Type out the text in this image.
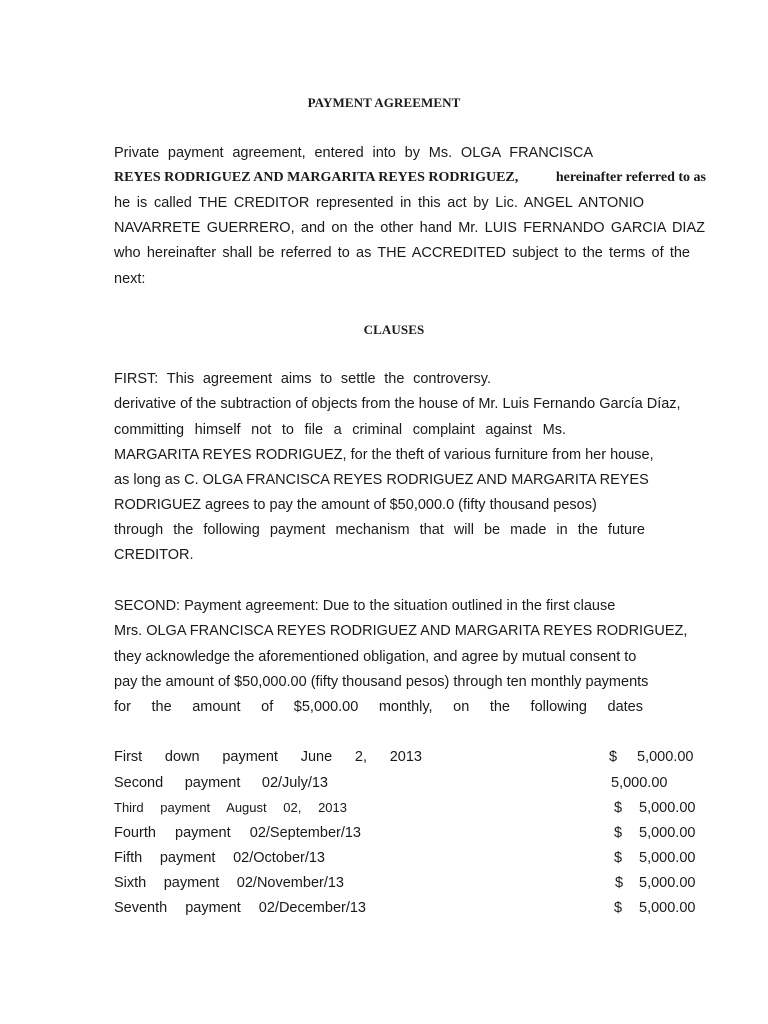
PAYMENT AGREEMENT
Private payment agreement, entered into by Ms. OLGA FRANCISCA
REYES RODRIGUEZ AND MARGARITA REYES RODRIGUEZ,	hereinafter referred to as
he is called THE CREDITOR represented in this act by Lic. ANGEL ANTONIO
NAVARRETE GUERRERO, and on the other hand Mr. LUIS FERNANDO GARCIA DIAZ
who hereinafter shall be referred to as THE ACCREDITED subject to the terms of the
next:
CLAUSES
FIRST: This agreement aims to settle the controversy.
derivative of the subtraction of objects from the house of Mr. Luis Fernando García Díaz,
committing himself not to file a criminal complaint against Ms.
MARGARITA REYES RODRIGUEZ, for the theft of various furniture from her house,
as long as C. OLGA FRANCISCA REYES RODRIGUEZ AND MARGARITA REYES
RODRIGUEZ agrees to pay the amount of $50,000.0 (fifty thousand pesos)
through the following payment mechanism that will be made in the future
CREDITOR.
SECOND: Payment agreement: Due to the situation outlined in the first clause
Mrs. OLGA FRANCISCA REYES RODRIGUEZ AND MARGARITA REYES RODRIGUEZ,
they acknowledge the aforementioned obligation, and agree by mutual consent to
pay the amount of $50,000.00 (fifty thousand pesos) through ten monthly payments
for the amount of $5,000.00 monthly, on the following dates
First down payment June 2, 2013	$ 5,000.00
Second payment 02/July/13	5,000.00
Third payment August 02, 2013	$ 5,000.00
Fourth payment 02/September/13	$ 5,000.00
Fifth payment 02/October/13	$ 5,000.00
Sixth payment 02/November/13	$ 5,000.00
Seventh payment 02/December/13	$ 5,000.00
